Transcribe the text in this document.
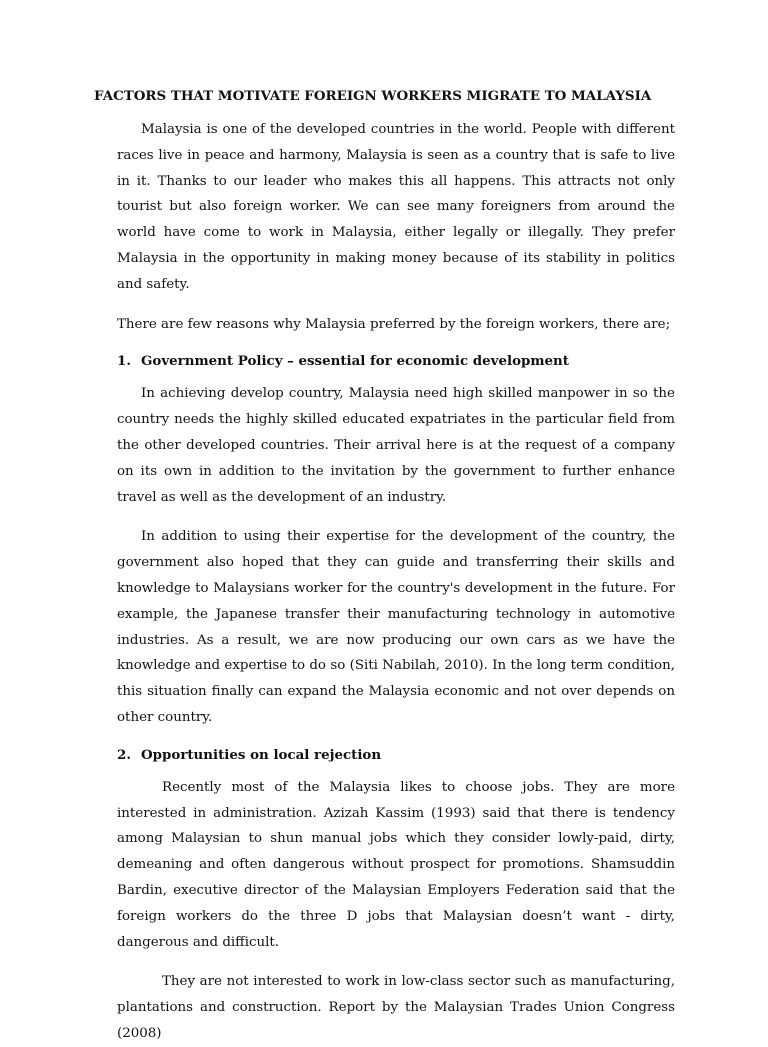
FACTORS THAT MOTIVATE FOREIGN WORKERS MIGRATE TO MALAYSIA

Malaysia is one of the developed countries in the world. People with different races live in peace and harmony, Malaysia is seen as a country that is safe to live in it. Thanks to our leader who makes this all happens. This attracts not only tourist but also foreign worker. We can see many foreigners from around the world have come to work in Malaysia, either legally or illegally. They prefer Malaysia in the opportunity in making money because of its stability in politics and safety.

There are few reasons why Malaysia preferred by the foreign workers, there are;

1. Government Policy – essential for economic development

In achieving develop country, Malaysia need high skilled manpower in so the country needs the highly skilled educated expatriates in the particular field from the other developed countries. Their arrival here is at the request of a company on its own in addition to the invitation by the government to further enhance travel as well as the development of an industry.

In addition to using their expertise for the development of the country, the government also hoped that they can guide and transferring their skills and knowledge to Malaysians worker for the country's development in the future. For example, the Japanese transfer their manufacturing technology in automotive industries. As a result, we are now producing our own cars as we have the knowledge and expertise to do so (Siti Nabilah, 2010). In the long term condition, this situation finally can expand the Malaysia economic and not over depends on other country.

2. Opportunities on local rejection

Recently most of the Malaysia likes to choose jobs. They are more interested in administration. Azizah Kassim (1993) said that there is tendency among Malaysian to shun manual jobs which they consider lowly-paid, dirty, demeaning and often dangerous without prospect for promotions. Shamsuddin Bardin, executive director of the Malaysian Employers Federation said that the foreign workers do the three D jobs that Malaysian doesn’t want - dirty, dangerous and difficult.

They are not interested to work in low-class sector such as manufacturing, plantations and construction. Report by the Malaysian Trades Union Congress (2008)
